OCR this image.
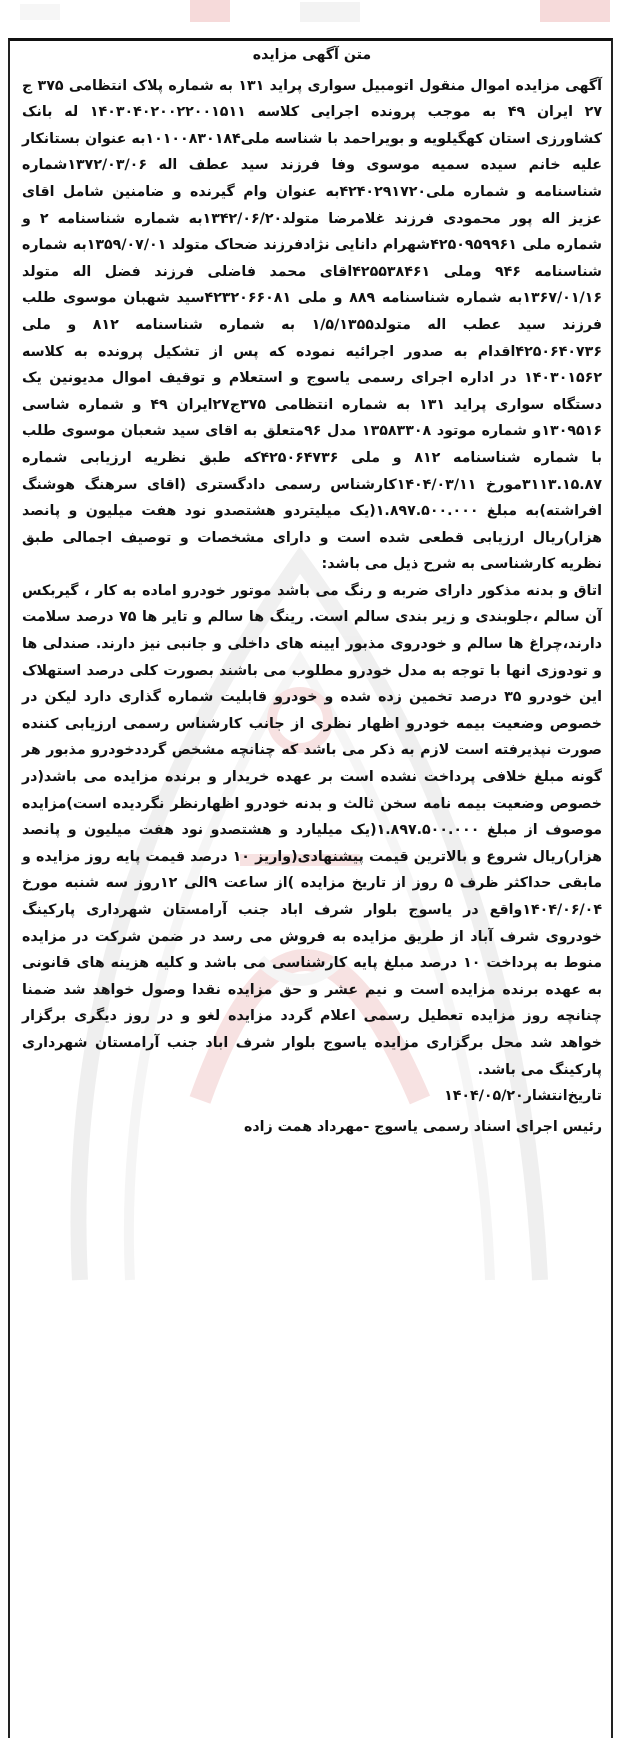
متن آگهی مزایده

آگهی مزایده اموال منقول اتومبیل سواری پراید ۱۳۱ به شماره پلاک انتظامی ۳۷۵ ج ۲۷ ایران ۴۹ به موجب پرونده اجرایی کلاسه ۱۴۰۳۰۴۰۲۰۰۲۲۰۰۱۵۱۱ له بانک کشاورزی استان کهگیلویه و بویراحمد با شناسه ملی۱۰۱۰۰۸۳۰۱۸۴به عنوان بستانکار علیه خانم سیده سمیه موسوی وفا فرزند سید عطف اله ۱۳۷۲/۰۳/۰۶شماره شناسنامه و شماره ملی۴۲۴۰۲۹۱۷۲۰به عنوان وام گیرنده و ضامنین شامل اقای عزیز اله پور محمودی فرزند غلامرضا متولد۱۳۴۲/۰۶/۲۰به شماره شناسنامه ۲ و شماره ملی ۴۲۵۰۹۵۹۹۶۱شهرام دانایی نژادفرزند ضحاک متولد ۱۳۵۹/۰۷/۰۱به شماره شناسنامه ۹۴۶ وملی ۴۲۵۵۳۸۴۶۱اقای محمد فاضلی فرزند فضل اله متولد ۱۳۶۷/۰۱/۱۶به شماره شناسنامه ۸۸۹ و ملی ۴۲۳۲۰۶۶۰۸۱سید شهبان موسوی طلب فرزند سید عطب اله متولد۱/۵/۱۳۵۵ به شماره شناسنامه ۸۱۲ و ملی ۴۲۵۰۶۴۰۷۳۶اقدام به صدور اجرائیه نموده که پس از تشکیل پرونده به کلاسه ۱۴۰۳۰۱۵۶۲ در اداره اجرای رسمی یاسوج و استعلام و توقیف اموال مدیونین یک دستگاه سواری پراید ۱۳۱ به شماره انتظامی ۳۷۵ج۲۷ایران ۴۹ و شماره شاسی ۱۳۰۹۵۱۶و شماره موتود ۱۳۵۸۳۳۰۸ مدل ۹۶متعلق به اقای سید شعبان موسوی طلب با شماره شناسنامه ۸۱۲ و ملی ۴۲۵۰۶۴۷۳۶که طبق نظریه ارزیابی شماره ۳۱۱۳.۱۵.۸۷مورخ ۱۴۰۴/۰۳/۱۱کارشناس رسمی دادگستری (اقای سرهنگ هوشنگ افراشته)به مبلغ ۱.۸۹۷.۵۰۰.۰۰۰(یک میلیتردو هشتصدو نود هفت میلیون و پانصد هزار)ریال ارزیابی قطعی شده است و دارای مشخصات و توصیف اجمالی طبق نظریه کارشناسی به شرح ذیل می باشد:

اتاق و بدنه مذکور دارای ضربه و رنگ می باشد موتور خودرو اماده به کار ، گیربکس آن سالم ،جلوبندی و زیر بندی سالم است. رینگ ها سالم و تایر ها ۷۵ درصد سلامت دارند،چراغ ها سالم و خودروی مذبور ایینه های داخلی و جانبی نیز دارند. صندلی ها و تودوزی انها با توجه به مدل خودرو مطلوب می باشند بصورت کلی درصد استهلاک این خودرو ۳۵ درصد تخمین زده شده و خودرو قابلیت شماره گذاری دارد لیکن در خصوص وضعیت بیمه خودرو اظهار نظری از جانب کارشناس رسمی ارزیابی کننده صورت نپذیرفته است لازم به ذکر می باشد که چنانچه مشخص گرددخودرو مذبور هر گونه مبلغ خلافی پرداخت نشده است بر عهده خریدار و برنده مزایده می باشد(در خصوص وضعیت بیمه نامه سخن ثالث و بدنه خودرو اظهارنظر نگردیده است)مزایده موصوف از مبلغ ۱.۸۹۷.۵۰۰.۰۰۰(یک میلیارد و هشتصدو نود هفت میلیون و پانصد هزار)ریال شروع و بالاترین قیمت پیشنهادی(واریز ۱۰ درصد قیمت پایه روز مزایده و مابقی حداکثر ظرف ۵ روز از تاریخ مزایده )از ساعت ۹الی ۱۲روز سه شنبه مورخ ۱۴۰۴/۰۶/۰۴واقع در یاسوج بلوار شرف اباد جنب آرامستان شهرداری پارکینگ خودروی شرف آباد از طریق مزایده به فروش می رسد در ضمن شرکت در مزایده منوط به پرداخت ۱۰ درصد مبلغ پایه کارشناسی می باشد و کلیه هزینه های قانونی به عهده برنده مزایده است و نیم عشر و حق مزایده نقدا وصول خواهد شد ضمنا چنانچه روز مزایده تعطیل رسمی اعلام گردد مزایده لغو و در روز دیگری برگزار خواهد شد محل برگزاری مزایده یاسوج بلوار شرف اباد جنب آرامستان شهرداری پارکینگ می باشد.

تاریخ‌انتشار۱۴۰۴/۰۵/۲۰

رئیس اجرای اسناد رسمی یاسوج -مهرداد همت زاده
